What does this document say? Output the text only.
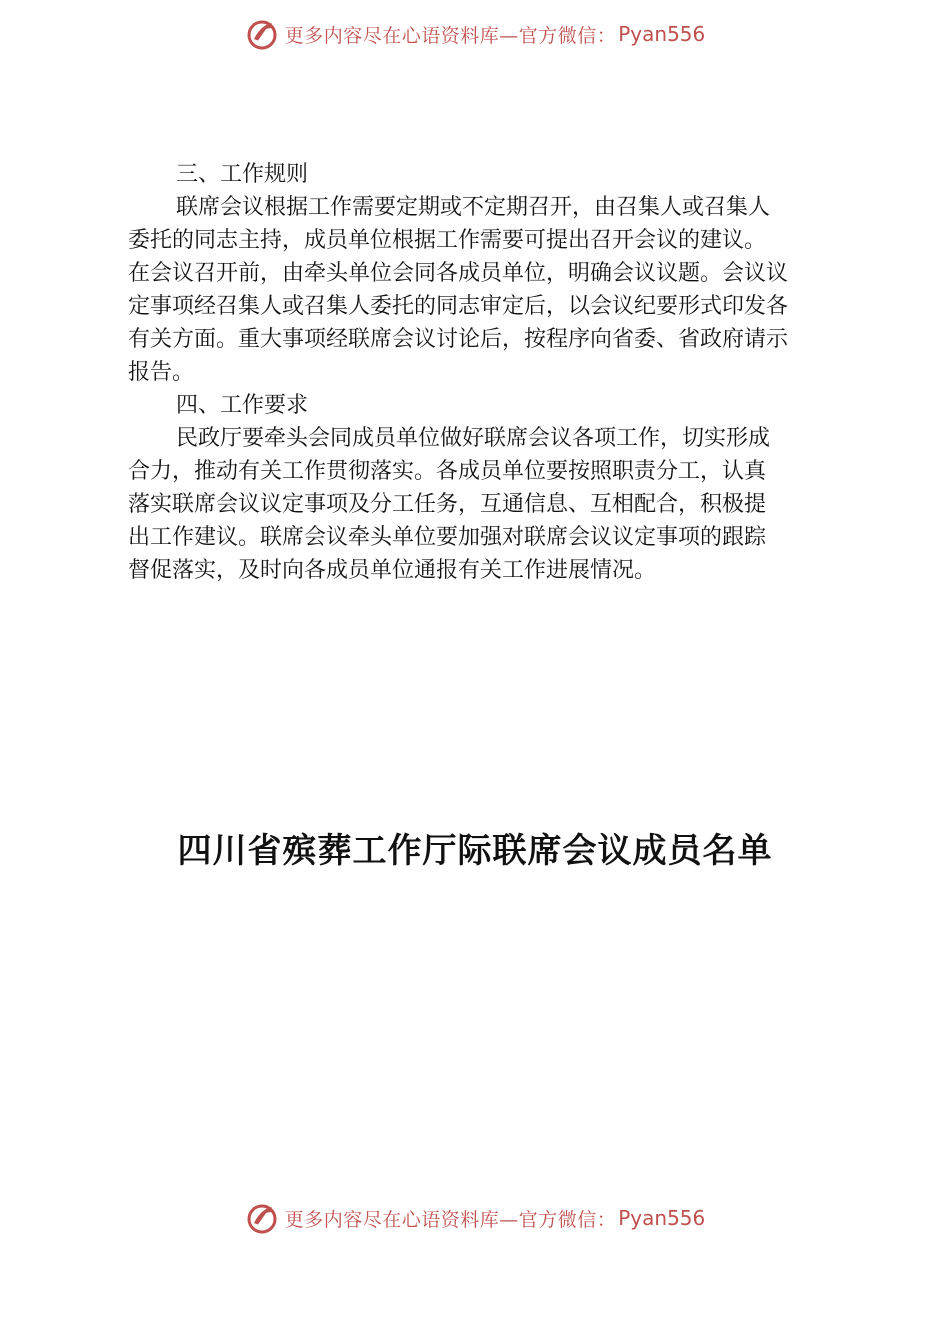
更多内容尽在心语资料库—官方微信： Pyan556

三、工作规则

联席会议根据工作需要定期或不定期召开，由召集人或召集人

委托的同志主持，成员单位根据工作需要可提出召开会议的建议。

在会议召开前，由牵头单位会同各成员单位，明确会议议题。会议议

定事项经召集人或召集人委托的同志审定后，以会议纪要形式印发各

有关方面。重大事项经联席会议讨论后，按程序向省委、省政府请示

报告。

四、工作要求

民政厅要牵头会同成员单位做好联席会议各项工作，切实形成

合力，推动有关工作贯彻落实。各成员单位要按照职责分工，认真

落实联席会议议定事项及分工任务，互通信息、互相配合，积极提

出工作建议。联席会议牵头单位要加强对联席会议议定事项的跟踪

督促落实，及时向各成员单位通报有关工作进展情况。

四川省殡葬工作厅际联席会议成员名单
更多内容尽在心语资料库—官方微信： Pyan556
